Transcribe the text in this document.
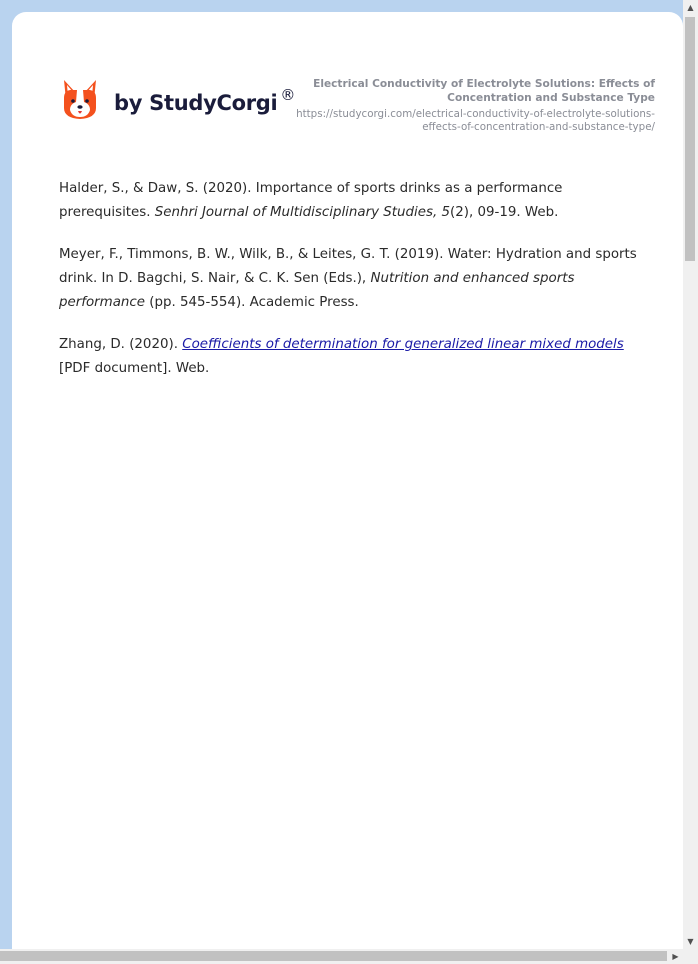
by StudyCorgi ®
Electrical Conductivity of Electrolyte Solutions: Effects of Concentration and Substance Type
https://studycorgi.com/electrical-conductivity-of-electrolyte-solutions-effects-of-concentration-and-substance-type/

Halder, S., & Daw, S. (2020). Importance of sports drinks as a performance prerequisites. Senhri Journal of Multidisciplinary Studies, 5(2), 09-19. Web.

Meyer, F., Timmons, B. W., Wilk, B., & Leites, G. T. (2019). Water: Hydration and sports drink. In D. Bagchi, S. Nair, & C. K. Sen (Eds.), Nutrition and enhanced sports performance (pp. 545-554). Academic Press.

Zhang, D. (2020). Coefficients of determination for generalized linear mixed models [PDF document]. Web.

▲
▼
▶
